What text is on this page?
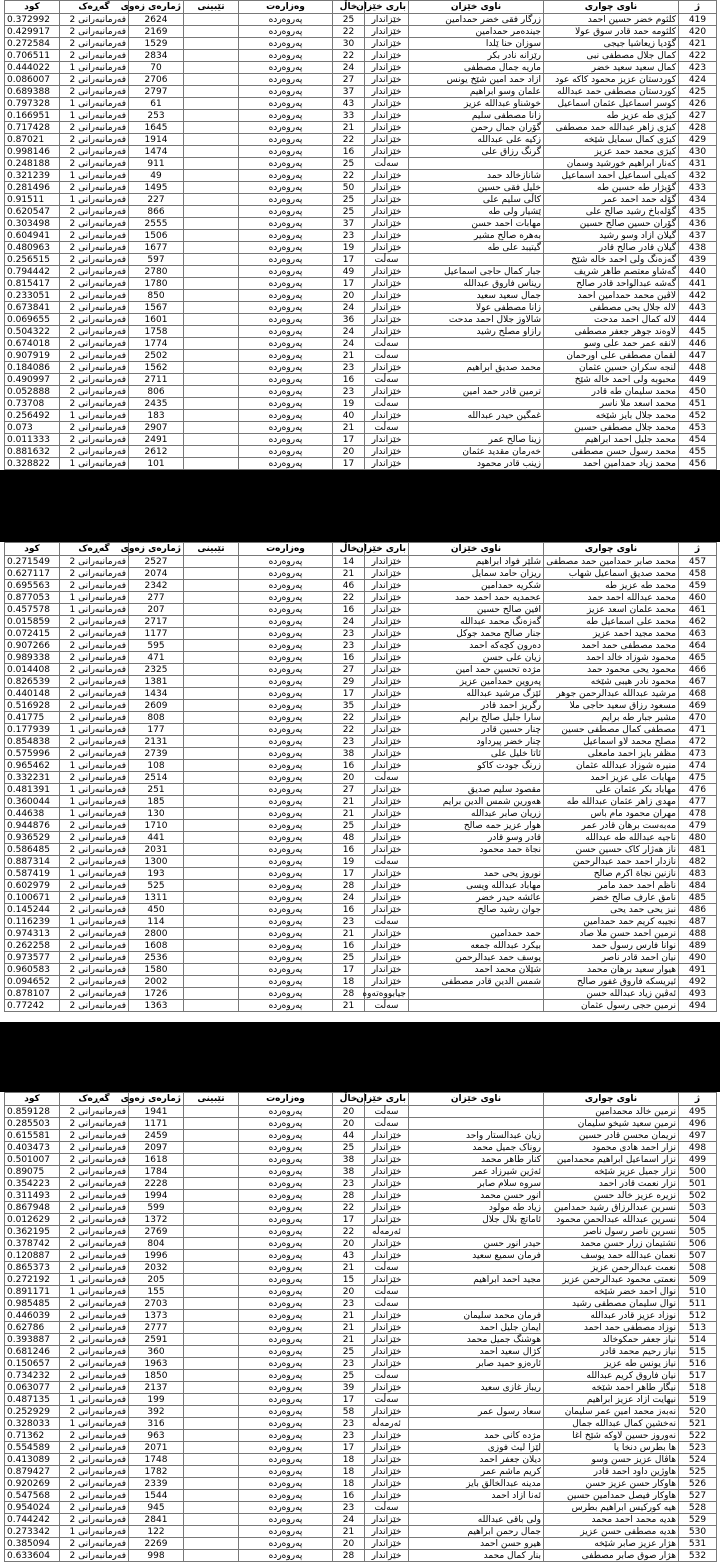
ژ	ناوی چواری	ناوی خێزان	باری خێزان	خاڵ	وەزارەت	تێبینی	ژمارەی زەوی	گەڕەک	کود
419	کلثوم خضر حسین احمد	زرگار فقی خضر حمدامین	خێزاندار	25	پەروەردە		2624	فەرمانبەرانی 2	0.372992
420	کلثومە حمد قادر سوق عولا	جیندەمر حمدامین	خێزاندار	22	پەروەردە		2169	فەرمانبەرانی 2	0.429917
421	گۆدیا زیعاشیا جیجی	سوزان حنا ێلدا	خێزاندار	30	پەروەردە		1529	فەرمانبەرانی 2	0.272584
422	کمال جلال مصطفی نبی	رێزانە نادر بکر	خێزاندار	22	پەروەردە		2834	فەرمانبەرانی 2	0.706511
423	کمال سعید سعید خضر	ماریە جمال مصطفی	خێزاندار	24	پەروەردە		70	فەرمانبەرانی 1	0.444022
424	کوردستان عزیز محمود کاکە عود	ازاد حمد امین شێخ یونس	خێزاندار	27	پەروەردە		2706	فەرمانبەرانی 2	0.086007
425	کوردستان مصطفی حمد عبداللە	علمان وسو ابراهیم	خێزاندار	37	پەروەردە		2797	فەرمانبەرانی 2	0.689388
426	کوسر اسماعیل عثمان اسماعیل	خوشناو عبداللە عزیز	خێزاندار	43	پەروەردە		61	فەرمانبەرانی 1	0.797328
427	کیژی طە عزیز طە	زانا مصطفی سلیم	خێزاندار	33	پەروەردە		253	فەرمانبەرانی 1	0.166951
428	کیژی زاهر عبداللە حمد مصطفی	گۆران جمال رحمن	خێزاندار	21	پەروەردە		1645	فەرمانبەرانی 2	0.717428
429	کیژی کمال سمایل شێخە	زکیە علی عبداللە	خێزاندار	22	پەروەردە		1914	فەرمانبەرانی 2	0.87021
430	کیژی محمد حمد عزیز	گرنگ رزاق علی	خێزاندار	16	پەروەردە		1474	فەرمانبەرانی 2	0.998146
431	کەنار ابراهیم خورشید وسمان		سەڵت	25	پەروەردە		911	فەرمانبەرانی 2	0.248188
432	کەیلی اسماعیل احمد اسماعیل	شانازخالد حمد	خێزاندار	22	پەروەردە		49	فەرمانبەرانی 1	0.321239
433	گۆیژار طە حسین طە	خلیل فقی حسین	خێزاندار	50	پەروەردە		1495	فەرمانبەرانی 2	0.281496
434	گۆلە حمد احمد عمر	کاڵی سلیم علی	خێزاندار	25	پەروەردە		227	فەرمانبەرانی 1	0.91511
435	گۆلەباخ رشید صالح علی	ێشیار ولی طە	خێزاندار	25	پەروەردە		866	فەرمانبەرانی 2	0.620547
436	گۆران حسین صالح حسین	مهابات احمد حسن	خێزاندار	37	پەروەردە		2555	فەرمانبەرانی 2	0.303498
437	گیلان ازاد وسو رشید	بەهرە صالح مشیر	خێزاندار	23	پەروەردە		1506	فەرمانبەرانی 2	0.604941
438	گیلان قادر صالح قادر	گیتیبد علی طە	خێزاندار	19	پەروەردە		1677	فەرمانبەرانی 2	0.480963
439	گەزەنگ ولی احمد خالە شێخ		سەڵت	17	پەروەردە		597	فەرمانبەرانی 2	0.256515
440	گەشاو معتصم طاهر شریف	جبار کمال حاجی اسماعیل	خێزاندار	49	پەروەردە		2780	فەرمانبەرانی 2	0.794442
441	گەشە عبدالواحد قادر صالح	ریناس فاروق عبداللە	خێزاندار	17	پەروەردە		1780	فەرمانبەرانی 2	0.815417
442	لاڤین محمد حمدامین احمد	جمال سعید سعید	خێزاندار	20	پەروەردە		850	فەرمانبەرانی 2	0.233051
443	لالە جلال یحی مصطفی	زانا مصطفی عولا	خێزاندار	24	پەروەردە		1567	فەرمانبەرانی 2	0.673841
444	لالە کمال احمد مدحت	شالاوز جلال احمد مدحت	خێزاندار	36	پەروەردە		1601	فەرمانبەرانی 2	0.069655
445	لاوەند جوهر جعفر مصطفی	رازاو مصلح رشید	خێزاندار	24	پەروەردە		1758	فەرمانبەرانی 2	0.504322
446	لانقە عمر حمد علی وسو		سەڵت	24	پەروەردە		1774	فەرمانبەرانی 2	0.674018
447	لقمان مصطفی علی اورحمان		سەڵت	21	پەروەردە		2502	فەرمانبەرانی 2	0.907919
448	لنجە سکران حسین عثمان	محمد صدیق ابراهیم	خێزاندار	23	پەروەردە		1562	فەرمانبەرانی 2	0.184086
449	محبوبە ولی احمد خالە شێخ		سەڵت	16	پەروەردە		2711	فەرمانبەرانی 2	0.490997
450	محمد سلیمان طە قادر	ترمین قادر حمد امین	خێزاندار	23	پەروەردە		806	فەرمانبەرانی 2	0.052888
451	محمد اسعد ملا ناسر		سەڵت	19	پەروەردە		2435	فەرمانبەرانی 2	0.73708
452	محمد جلال بایز شێخە	غمگین حیدر عبداللە	خێزاندار	40	پەروەردە		183	فەرمانبەرانی 1	0.256492
453	محمد جلال مصطفی حسین		سەڵت	21	پەروەردە		2907	فەرمانبەرانی 2	0.073
454	محمد جلیل احمد ابراهیم	زینا صالح عمر	خێزاندار	17	پەروەردە		2491	فەرمانبەرانی 2	0.011333
455	محمد رسول حسن مصطفی	خەرمان مقدید عثمان	خێزاندار	20	پەروەردە		2612	فەرمانبەرانی 2	0.881632
456	محمد زیاد حمدامین احمد	زینب قادر محمود	خێزاندار	17	پەروەردە		101	فەرمانبەرانی 1	0.328822
ژ	ناوی چواری	ناوی خێزان	باری خێزان	خاڵ	وەزارەت	تێبینی	ژمارەی زەوی	گەڕەک	کود
457	محمد صابر حمدامین حمد مصطفی	شلێر فواد ابراهیم	خێزاندار	14	پەروەردە		2527	فەرمانبەرانی 2	0.271549
458	محمد صدیق اسماعیل شهاب	ریزان حامد سمایل	خێزاندار	21	پەروەردە		2074	فەرمانبەرانی 2	0.627117
459	محمد طە عزیز طە	شکریە حمدامین	خێزاندار	46	پەروەردە		2342	فەرمانبەرانی 2	0.695563
460	محمد عبداللە احمد حمد	عحمدیە حمد احمد حمد	خێزاندار	22	پەروەردە		277	فەرمانبەرانی 1	0.877053
461	محمد علمان اسعد عزیز	افین صالح حسین	خێزاندار	16	پەروەردە		207	فەرمانبەرانی 1	0.457578
462	محمد علی اسماعیل طە	گەزەنگ محمد عبداللە	خێزاندار	24	پەروەردە		2717	فەرمانبەرانی 2	0.015859
463	محمد مجید احمد عزیز	جنار صالح محمد جوکل	خێزاندار	23	پەروەردە		1177	فەرمانبەرانی 2	0.072415
464	محمد مصطفی حمد احمد	دەرون کچەکە احمد	خێزاندار	23	پەروەردە		595	فەرمانبەرانی 2	0.907266
465	محمود شوزاد خالد احمد	زیان علی حسن	خێزاندار	16	پەروەردە		471	فەرمانبەرانی 2	0.989338
466	محمود یحی محمود حمد	مژدە تحسین حمد امین	خێزاندار	27	پەروەردە		2325	فەرمانبەرانی 2	0.014408
467	محمود نادر هیبی شێخە	پەروین حمدامین عزیز	خێزاندار	29	پەروەردە		1381	فەرمانبەرانی 2	0.826539
468	مرشید عبداللە عبدالرحمن جوهر	ئێزگ مرشید عبداللە	خێزاندار	17	پەروەردە		1434	فەرمانبەرانی 2	0.440148
469	مسعود رزاق سعید حاجی ملا	رگریز احمد قادر	خێزاندار	35	پەروەردە		2609	فەرمانبەرانی 2	0.516928
470	مشیر جبار طە برایم	سارا جلیل صالح برایم	خێزاندار	22	پەروەردە		808	فەرمانبەرانی 2	0.41775
471	مصطفی کمال مصطفی حسین	چنار حسین قادر	خێزاندار	22	پەروەردە		177	فەرمانبەرانی 1	0.177939
472	مصلح محمد لاو اسماعیل	چنار خضر پیرداود	خێزاندار	23	پەروەردە		2131	فەرمانبەرانی 2	0.854838
473	مظفر بایز احمد مامعلی	ئاتا خلیل علی	خێزاندار	38	پەروەردە		2739	فەرمانبەرانی 2	0.575996
474	منیرە شوزاد عبداللە عثمان	زرنگ جودت کاکو	خێزاندار	16	پەروەردە		108	فەرمانبەرانی 1	0.965462
475	مهابات علی عزیز احمد		سەڵت	20	پەروەردە		2514	فەرمانبەرانی 2	0.332231
476	مهاباد بکر عثمان علی	مقصود سلیم صدیق	خێزاندار	27	پەروەردە		251	فەرمانبەرانی 1	0.481391
477	مهدی زاهر عثمان عبداللە طە	هەورین شمس الدین برایم	خێزاندار	21	پەروەردە		185	فەرمانبەرانی 1	0.360044
478	مهران محمود مام باس	زریان صابر عبداللە	خێزاندار	21	پەروەردە		130	فەرمانبەرانی 1	0.44638
479	مەبەست برهان قادر عمر	هوار عزیز حمە صالح	خێزاندار	25	پەروەردە		1710	فەرمانبەرانی 2	0.944876
480	ناجیە عبداللە طە عبداللە	قادر وسو قادر	خێزاندار	48	پەروەردە		441	فەرمانبەرانی 2	0.936529
481	ناز هەژار کاک حسین حسن	نجاة حمد محمود	خێزاندار	16	پەروەردە		2031	فەرمانبەرانی 2	0.586485
482	نازدار احمد حمد عبدالرحمن		سەڵت	19	پەروەردە		1300	فەرمانبەرانی 2	0.887314
483	نازنین نجاة اکرم صالح	نوروز یحی حمد	خێزاندار	17	پەروەردە		193	فەرمانبەرانی 1	0.587419
484	ناظم احمد حمد مامر	مهاباد عبداللە ویسی	خێزاندار	28	پەروەردە		525	فەرمانبەرانی 2	0.602979
485	نامق عارف صالح خضر	عائشە حیدر خضر	خێزاندار	24	پەروەردە		1311	فەرمانبەرانی 2	0.100671
486	نبز یحی حمد یحی	جوان رشید صالح	خێزاندار	16	پەروەردە		450	فەرمانبەرانی 2	0.145244
487	نجیبە کریم حمد حمدامین		سەڵت	23	پەروەردە		114	فەرمانبەرانی 1	0.116239
488	نرمین احمد حسن ملا صاد	حمد حمدامین	خێزاندار	21	پەروەردە		2800	فەرمانبەرانی 2	0.974313
489	نوانا فارس رسول حمد	بیکرد عبداللە جمعە	خێزاندار	16	پەروەردە		1608	فەرمانبەرانی 2	0.262258
490	نیان احمد قادر ناصر	یوسف حمد عبدالرحمن	خێزاندار	25	پەروەردە		2536	فەرمانبەرانی 2	0.973577
491	هیوار سعید برهان محمد	شێلان محمد احمد	خێزاندار	17	پەروەردە		1580	فەرمانبەرانی 2	0.960583
492	ئیریسکە فاروق غفور صالح	شمس الدین قادر مصطفی	خێزاندار	18	پەروەردە		2002	فەرمانبەرانی 2	0.094652
493	ئەڤین زیاد عبداللە حسن		جیابووەتەوە	28	پەروەردە		1726	فەرمانبەرانی 2	0.878107
494	نرمین حجی رسول عثمان		سەڵت	21	پەروەردە		1363	فەرمانبەرانی 2	0.77242
ژ	ناوی چواری	ناوی خێزان	باری خێزان	خاڵ	وەزارەت	تێبینی	ژمارەی زەوی	گەڕەک	کود
495	نرمین خالد محمدامین		سەڵت	20	پەروەردە		1941	فەرمانبەرانی 2	0.859128
496	نرمین سعید شیخو سلیمان		سەڵت	20	پەروەردە		1171	فەرمانبەرانی 2	0.285503
497	نریمان محسن قادر حسین	زیان عبدالستار واحد	خێزاندار	44	پەروەردە		2459	فەرمانبەرانی 2	0.615581
498	نزار احمد هادی محمود	روناک جمیل محمد	خێزاندار	25	پەروەردە		2097	فەرمانبەرانی 2	0.403473
499	نزار اسماعیل ابراهیم محمدامین	کنار طاهر محمد	خێزاندار	38	پەروەردە		1618	فەرمانبەرانی 2	0.501007
500	نزار جمیل عزیز شێخە	ئەژین شیرزاد عمر	خێزاندار	38	پەروەردە		1784	فەرمانبەرانی 2	0.89075
501	نزار نعمت قادر احمد	سروە سلام صابر	خێزاندار	23	پەروەردە		2228	فەرمانبەرانی 2	0.354223
502	نزیرە عزیز خالد حسن	انور حسن محمد	خێزاندار	28	پەروەردە		1994	فەرمانبەرانی 2	0.311493
503	نسرین عبدالرزاق رشید حمدامین	زیاد طە مولود	خێزاندار	22	پەروەردە		599	فەرمانبەرانی 2	0.867948
504	نسرین عبداللە عبدالحمن محمود	ئاماتچ بلال جلال	خێزاندار	17	پەروەردە		1372	فەرمانبەرانی 2	0.012629
505	نسرین ناصر رسول ناصر		ئەرمەڵە	22	پەروەردە		2769	فەرمانبەرانی 2	0.362195
506	نشتیمان زرار حسن محمد	حیدر انور حسن	خێزاندار	20	پەروەردە		804	فەرمانبەرانی 2	0.378742
507	نعمان عبداللە حمد یوسف	فرمان سمیع سعید	خێزاندار	43	پەروەردە		1996	فەرمانبەرانی 2	0.120887
508	نعمت عبدالرحمن عزیز		سەڵت	21	پەروەردە		2032	فەرمانبەرانی 2	0.865373
509	نعمتی محمود عبدالرحمن عزیز	مجید احمد ابراهیم	خێزاندار	15	پەروەردە		205	فەرمانبەرانی 1	0.272192
510	نوال احمد خضر شێخە		سەڵت	20	پەروەردە		155	فەرمانبەرانی 1	0.891171
511	نوال سلیمان مصطفی رشید		سەڵت	23	پەروەردە		2703	فەرمانبەرانی 2	0.985485
512	نوزاد عزیز قادر عبداللە	فرمان محمد سلیمان	خێزاندار	21	پەروەردە		1373	فەرمانبەرانی 2	0.446039
513	نوزاد مصطفی حمد احمد	ایمان جلیل احمد	خێزاندار	21	پەروەردە		2777	فەرمانبەرانی 2	0.62786
514	نیاز جعفر حمکوخالد	هوشنگ جمیل محمد	خێزاندار	21	پەروەردە		2591	فەرمانبەرانی 2	0.393887
515	نیاز رحیم محمد قادر	کژال سعید احمد	خێزاندار	25	پەروەردە		360	فەرمانبەرانی 2	0.681246
516	نیاز یونس طە عزیز	ئارەزو حمید صابر	خێزاندار	23	پەروەردە		1963	فەرمانبەرانی 2	0.150657
517	نیان فاروق کریم عبداللە		سەڵت	25	پەروەردە		1850	فەرمانبەرانی 2	0.734232
518	نیگار طاهر احمد شێخە	ریباز غازی سعید	خێزاندار	39	پەروەردە		2137	فەرمانبەرانی 2	0.063077
519	نیهایت ازاد عزیز ابراهیم		سەڵت	17	پەروەردە		199	فەرمانبەرانی 1	0.487135
520	نەبەز محمد امین عمر سلیمان	سعاد رسول عمر	خێزاندار	58	پەروەردە		392	فەرمانبەرانی 2	0.252929
521	نەخشین کمال عبداللە جمال		ئەرمەڵە	23	پەروەردە		316	فەرمانبەرانی 1	0.328033
522	نەوروز حسین لاوکە شێخ اغا	مژدە کانی حمد	خێزاندار	23	پەروەردە		963	فەرمانبەرانی 2	0.71362
523	ها بطرس دنخا یا	لێزا لیث فوزی	خێزاندار	17	پەروەردە		2071	فەرمانبەرانی 2	0.554589
524	هاڤال عزیز حسن وسو	دیلان جعفر احمد	خێزاندار	18	پەروەردە		1748	فەرمانبەرانی 2	0.413089
525	هاوژین داود احمد قادر	کریم ماشم عمر	خێزاندار	18	پەروەردە		1782	فەرمانبەرانی 2	0.879427
526	هاوکار حسن عزیز حسن	مدینە عبدالخالق بایز	خێزاندار	18	پەروەردە		2339	فەرمانبەرانی 2	0.920269
527	هاوکار فیصل حمدامین حسین	ئەنا ازاد احمد	خێزاندار	16	پەروەردە		1544	فەرمانبەرانی 2	0.547568
528	هیە کورکیس ابراهیم بطرس		سەڵت	23	پەروەردە		945	فەرمانبەرانی 2	0.954024
529	هدیە محمد احمد محمد	ولی باقی عبداللە	خێزاندار	24	پەروەردە		2841	فەرمانبەرانی 2	0.744242
530	هدیە مصطفی حسن عزیز	جمال رحمن ابراهیم	خێزاندار	21	پەروەردە		122	فەرمانبەرانی 1	0.273342
531	هژار عزیز صابر شێخە	هیرو حسن احمد	خێزاندار	20	پەروەردە		2269	فەرمانبەرانی 2	0.385094
532	هژار صوق صابر مصطفی	بنار کمال محمد	خێزاندار	28	پەروەردە		998	فەرمانبەرانی 2	0.633604
